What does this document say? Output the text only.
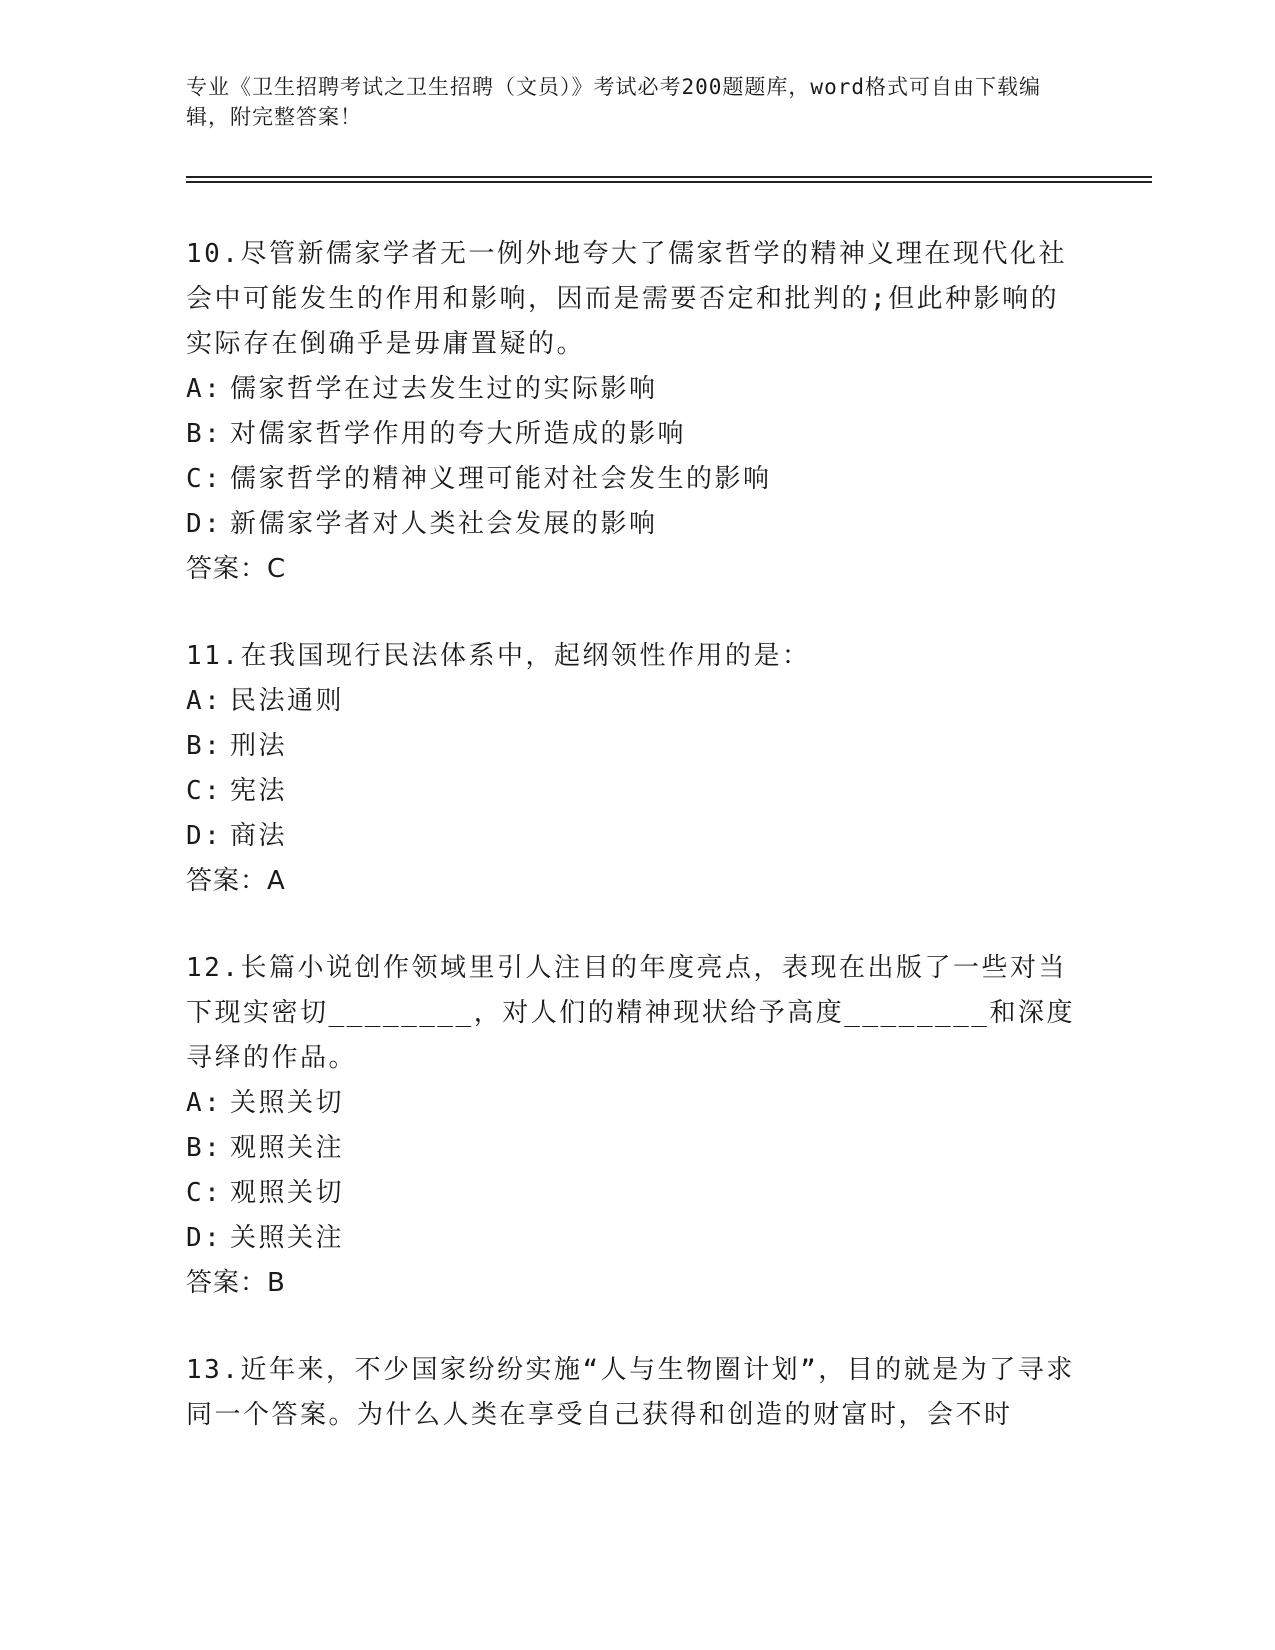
专业《卫生招聘考试之卫生招聘（文员）》考试必考200题题库，word格式可自由下载编辑，附完整答案！

10.尽管新儒家学者无一例外地夸大了儒家哲学的精神义理在现代化社会中可能发生的作用和影响，因而是需要否定和批判的;但此种影响的实际存在倒确乎是毋庸置疑的。

A: 儒家哲学在过去发生过的实际影响

B: 对儒家哲学作用的夸大所造成的影响

C: 儒家哲学的精神义理可能对社会发生的影响

D: 新儒家学者对人类社会发展的影响

答案：C

11.在我国现行民法体系中，起纲领性作用的是：

A: 民法通则

B: 刑法

C: 宪法

D: 商法

答案：A

12.长篇小说创作领域里引人注目的年度亮点，表现在出版了一些对当下现实密切________，对人们的精神现状给予高度________和深度寻绎的作品。

A: 关照关切

B: 观照关注

C: 观照关切

D: 关照关注

答案：B

13.近年来，不少国家纷纷实施“人与生物圈计划”，目的就是为了寻求同一个答案。为什么人类在享受自己获得和创造的财富时，会不时
